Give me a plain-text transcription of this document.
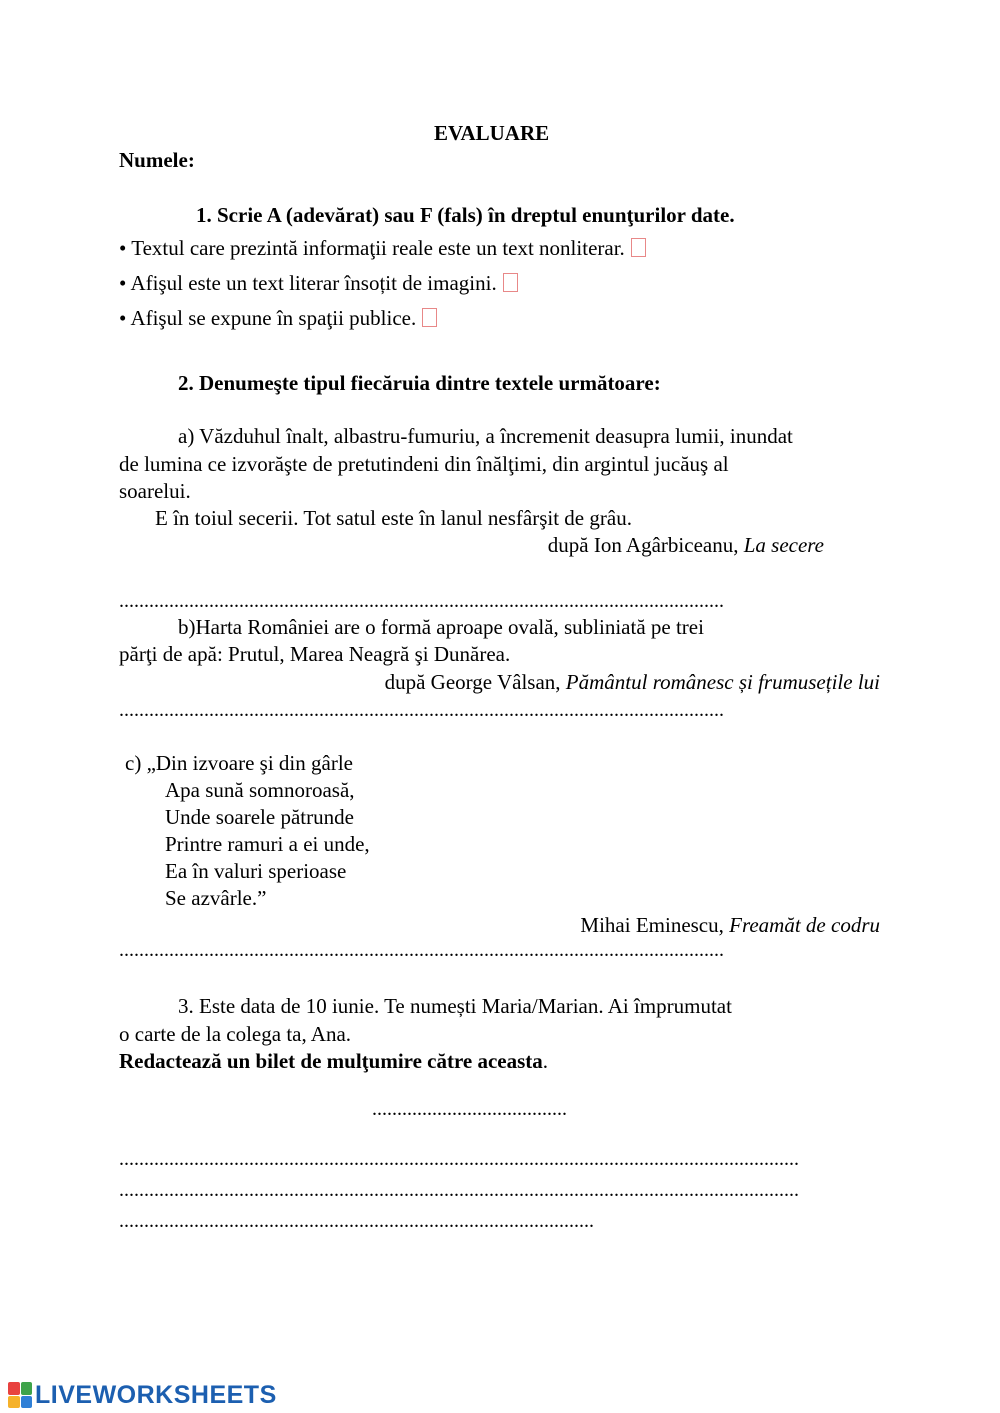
EVALUARE
Numele:
1. Scrie A (adevărat) sau F (fals) în dreptul enunţurilor date.
• Textul care prezintă informaţii reale este un text nonliterar.
• Afişul este un text literar însoțit de imagini.
• Afişul se expune în spaţii publice.
2. Denumeşte tipul fiecăruia dintre textele următoare:
a) Văzduhul înalt, albastru-fumuriu, a încremenit deasupra lumii, inundat
de lumina ce izvorăşte de pretutindeni din înălţimi, din argintul jucăuş al
soarelui.
E în toiul secerii. Tot satul este în lanul nesfârşit de grâu.
după Ion Agârbiceanu, La secere
.........................................................................................................................
b)Harta României are o formă aproape ovală, subliniată pe trei
părţi de apă: Prutul, Marea Neagră şi Dunărea.
după George Vâlsan, Pământul românesc și frumusețile lui
.........................................................................................................................
c) „Din izvoare şi din gârle
Apa sună somnoroasă,
Unde soarele pătrunde
Printre ramuri a ei unde,
Ea în valuri sperioase
Se azvârle.”
Mihai Eminescu, Freamăt de codru
.........................................................................................................................
3. Este data de 10 iunie. Te numești Maria/Marian. Ai împrumutat
o carte de la colega ta, Ana.
Redactează un bilet de mulţumire către aceasta.
.......................................
........................................................................................................................................
........................................................................................................................................
...............................................................................................
LIVEWORKSHEETS
